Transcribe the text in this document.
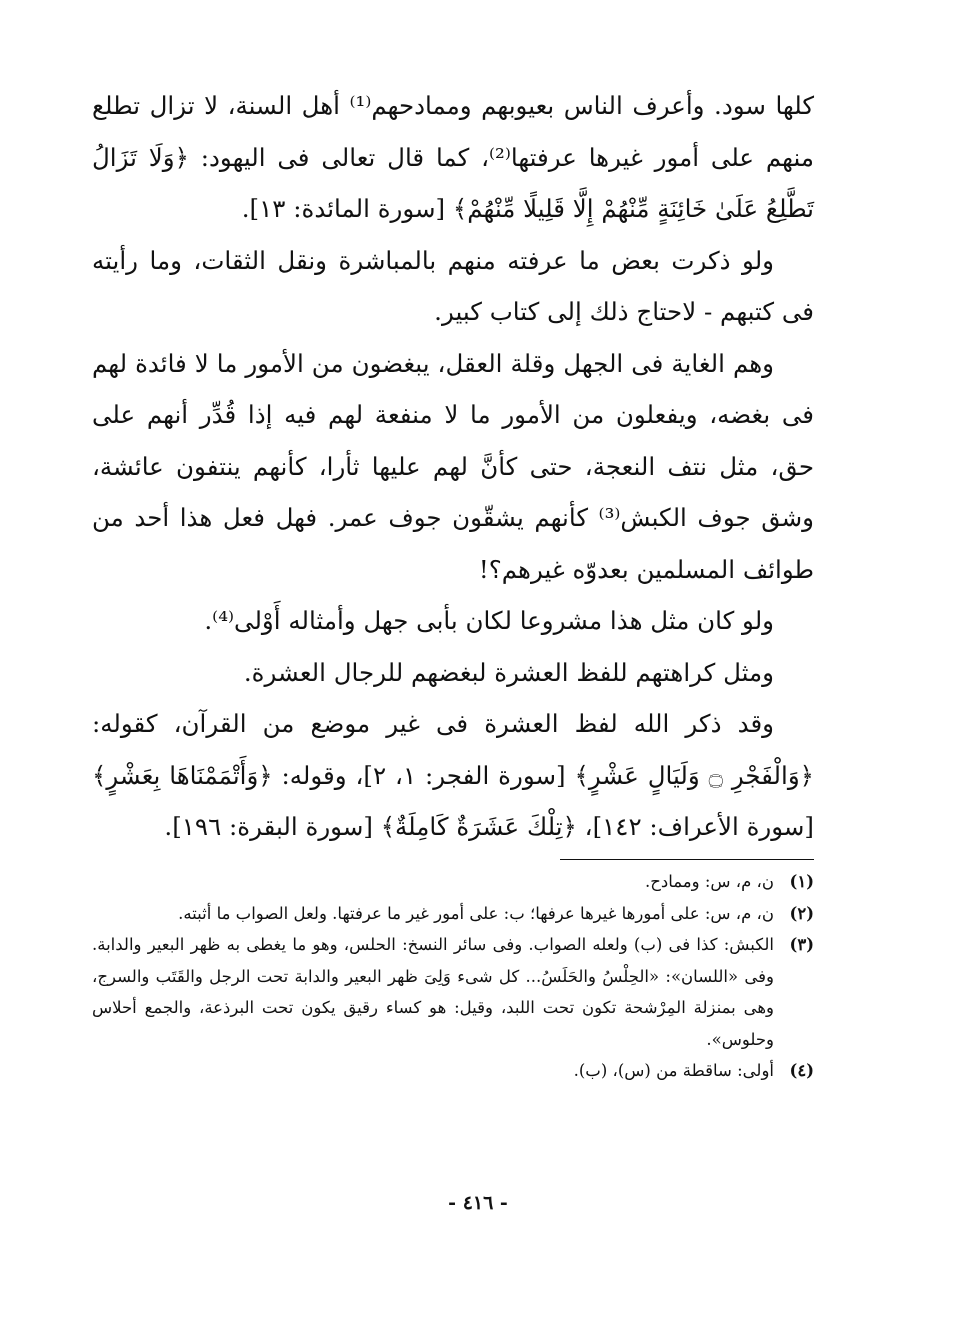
كلها سود. وأعرف الناس بعيوبهم وممادحهم⁽¹⁾ أهل السنة، لا تزال تطلع منهم على أمور غيرها عرفتها⁽²⁾، كما قال تعالى فى اليهود: ﴿وَلَا تَزَالُ تَطَّلِعُ عَلَىٰ خَائِنَةٍ مِّنْهُمْ إِلَّا قَلِيلًا مِّنْهُمْ﴾ [سورة المائدة: ١٣].

ولو ذكرت بعض ما عرفته منهم بالمباشرة ونقل الثقات، وما رأيته فى كتبهم - لاحتاج ذلك إلى كتاب كبير.

وهم الغاية فى الجهل وقلة العقل، يبغضون من الأمور ما لا فائدة لهم فى بغضه، ويفعلون من الأمور ما لا منفعة لهم فيه إذا قُدِّر أنهم على حق، مثل نتف النعجة، حتى كأنَّ لهم عليها ثأرا، كأنهم ينتفون عائشة، وشق جوف الكبش⁽³⁾ كأنهم يشقّون جوف عمر. فهل فعل هذا أحد من طوائف المسلمين بعدوّه غيرهم؟!

ولو كان مثل هذا مشروعا لكان بأبى جهل وأمثاله أَوْلى⁽⁴⁾.

ومثل كراهتهم للفظ العشرة لبغضهم للرجال العشرة.

وقد ذكر الله لفظ العشرة فى غير موضع من القرآن، كقوله: ﴿وَالْفَجْرِ ۝ وَلَيَالٍ عَشْرٍ﴾ [سورة الفجر: ١، ٢]، وقوله: ﴿وَأَتْمَمْنَاهَا بِعَشْرٍ﴾ [سورة الأعراف: ١٤٢]، ﴿تِلْكَ عَشَرَةٌ كَامِلَةٌ﴾ [سورة البقرة: ١٩٦].

(١)
ن، م، س: وممادح.
(٢)
ن، م، س: على أمورها غيرها عرفها؛ ب: على أمور غير ما عرفتها. ولعل الصواب ما أثبته.
(٣)
الكبش: كذا فى (ب) ولعله الصواب. وفى سائر النسخ: الحلس، وهو ما يغطى به ظهر البعير والدابة. وفى «اللسان»: «الحِلْسُ والحَلَسُ... كل شىء وَلِىَ ظهر البعير والدابة تحت الرجل والقَتَب والسرج، وهى بمنزلة المِرْشحة تكون تحت اللبد، وقيل: هو كساء رقيق يكون تحت البرذعة، والجمع أحلاس وحلوس».
(٤)
أولى: ساقطة من (س)، (ب).
- ٤١٦ -
